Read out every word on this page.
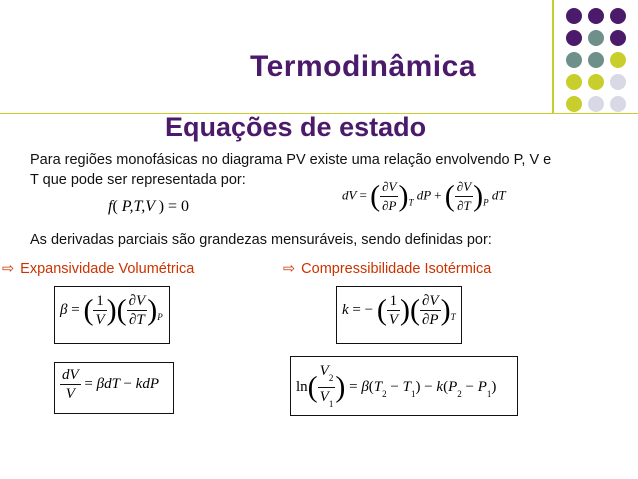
Termodinâmica
Equações de estado
Para regiões monofásicas no diagrama PV existe uma relação envolvendo P, V e
T que pode ser representada por:
f( P,T,V ) = 0
dV = ( $\frac{\partial V}{\partial P} )_T$ dP + ( $\frac{\partial V}{\partial T} )_P$ dT
As derivadas parciais são grandezas mensuráveis, sendo definidas por:
⇨ Expansividade Volumétrica	⇨ Compressibilidade Isotérmica
β = ( $\frac{1}{V}$ )( $\frac{\partial V}{\partial T} )_P$	k = − ( $\frac{1}{V}$ )( $\frac{\partial V}{\partial P} )_T$
$\frac{dV}{V} = \beta dT$ − kdP	$\ln( \frac{V_2}{V_1}$ ) = $\beta(T_2 - T_1) - k(P_2 - P_1)$
